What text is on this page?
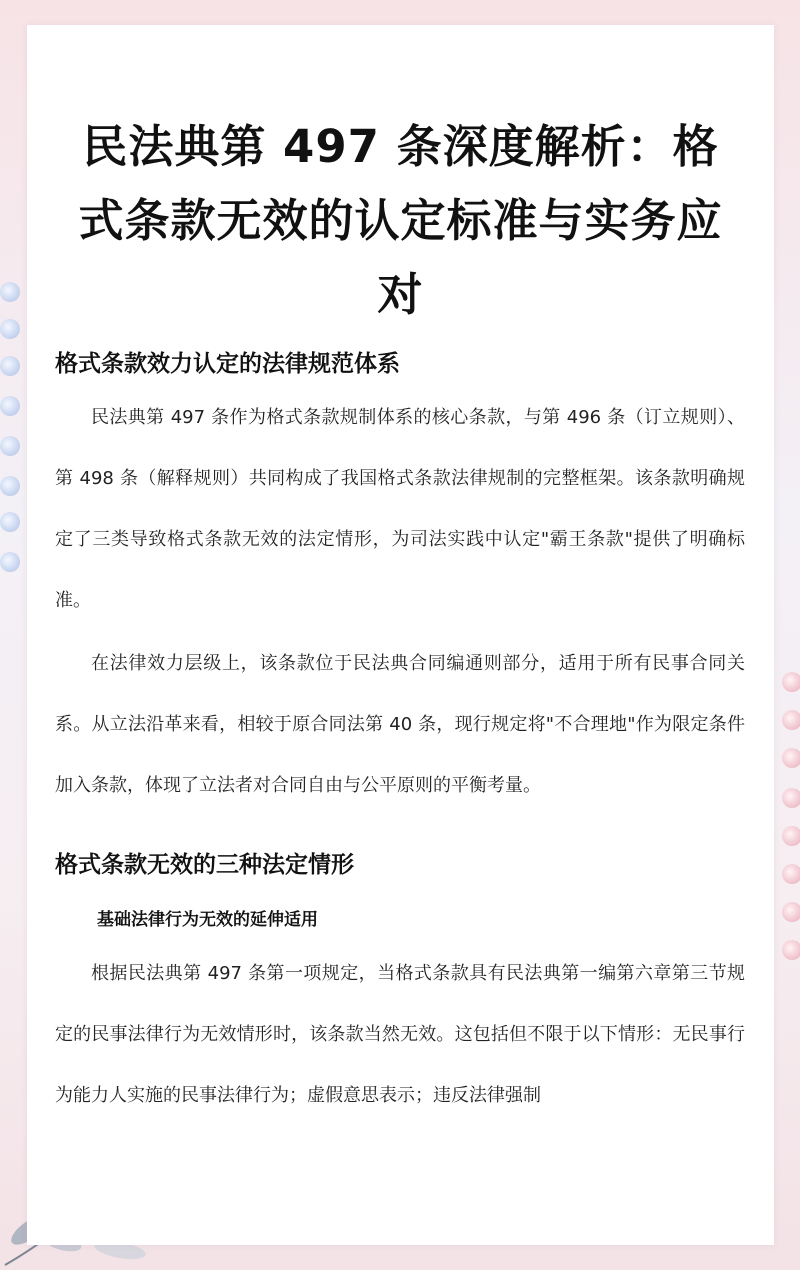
民法典第 497 条深度解析：格式条款无效的认定标准与实务应对
格式条款效力认定的法律规范体系

民法典第 497 条作为格式条款规制体系的核心条款，与第 496 条（订立规则）、第 498 条（解释规则）共同构成了我国格式条款法律规制的完整框架。该条款明确规定了三类导致格式条款无效的法定情形，为司法实践中认定"霸王条款"提供了明确标准。

在法律效力层级上，该条款位于民法典合同编通则部分，适用于所有民事合同关系。从立法沿革来看，相较于原合同法第 40 条，现行规定将"不合理地"作为限定条件加入条款，体现了立法者对合同自由与公平原则的平衡考量。

格式条款无效的三种法定情形
基础法律行为无效的延伸适用

根据民法典第 497 条第一项规定，当格式条款具有民法典第一编第六章第三节规定的民事法律行为无效情形时，该条款当然无效。这包括但不限于以下情形：无民事行为能力人实施的民事法律行为；虚假意思表示；违反法律强制
